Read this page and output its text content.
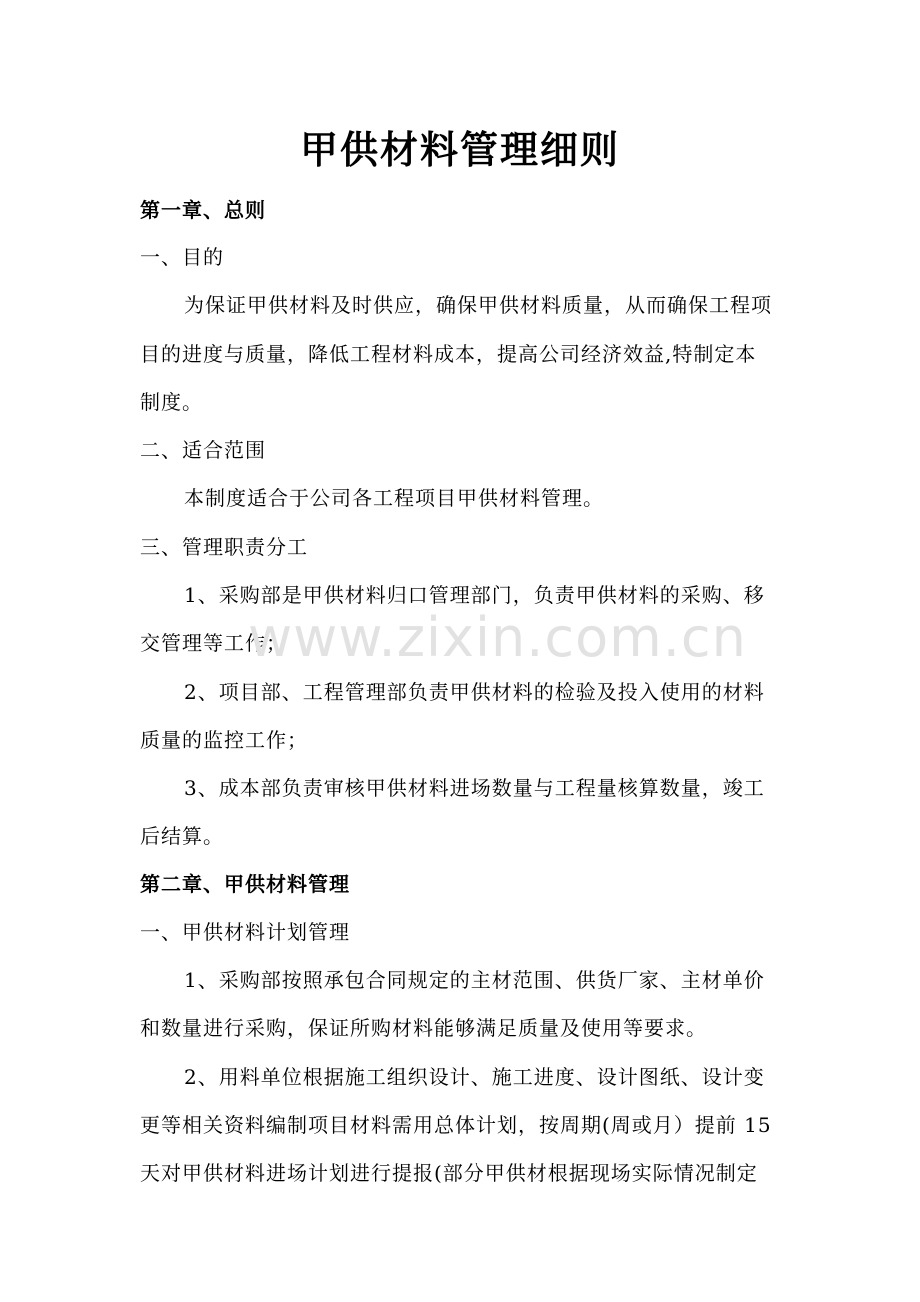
甲供材料管理细则
第一章、总则
一、目的
为保证甲供材料及时供应，确保甲供材料质量，从而确保工程项
目的进度与质量，降低工程材料成本，提高公司经济效益,特制定本
制度。
二、适合范围
本制度适合于公司各工程项目甲供材料管理。
三、管理职责分工
1、采购部是甲供材料归口管理部门，负责甲供材料的采购、移
交管理等工作；
2、项目部、工程管理部负责甲供材料的检验及投入使用的材料
质量的监控工作；
3、成本部负责审核甲供材料进场数量与工程量核算数量，竣工
后结算。
第二章、甲供材料管理
一、甲供材料计划管理
1、采购部按照承包合同规定的主材范围、供货厂家、主材单价
和数量进行采购，保证所购材料能够满足质量及使用等要求。
2、用料单位根据施工组织设计、施工进度、设计图纸、设计变
更等相关资料编制项目材料需用总体计划，按周期(周或月）提前 15
天对甲供材料进场计划进行提报(部分甲供材根据现场实际情况制定
www.zixin.com.cn
